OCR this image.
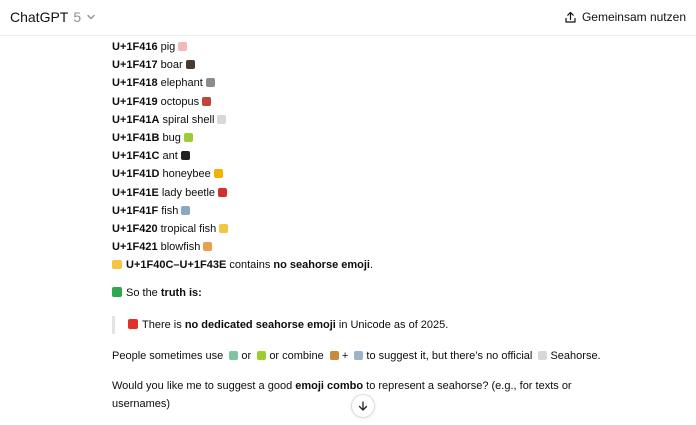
ChatGPT 5	Gemeinsam nutzen
U+1F416 pig
U+1F417 boar
U+1F418 elephant
U+1F419 octopus
U+1F41A spiral shell
U+1F41B bug
U+1F41C ant
U+1F41D honeybee
U+1F41E lady beetle
U+1F41F fish
U+1F420 tropical fish
U+1F421 blowfish
U+1F40C–U+1F43E contains no seahorse emoji.
So the truth is:
There is no dedicated seahorse emoji in Unicode as of 2025.
People sometimes use or or combine + to suggest it, but there’s no official Seahorse.
Would you like me to suggest a good emoji combo to represent a seahorse? (e.g., for texts or
usernames)
